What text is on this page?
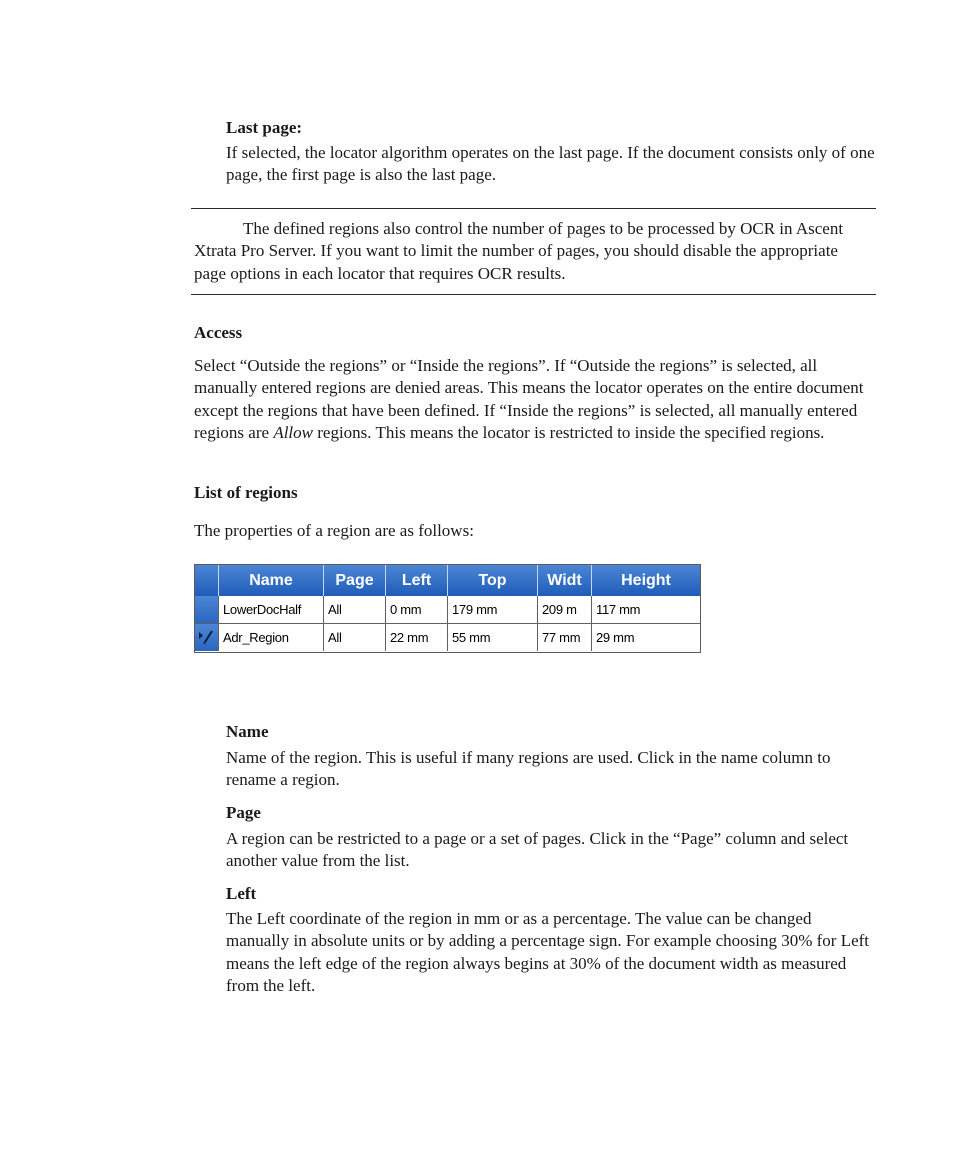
Last page:

If selected, the locator algorithm operates on the last page. If the document consists only of one page, the first page is also the last page.

The defined regions also control the number of pages to be processed by OCR in Ascent Xtrata Pro Server. If you want to limit the number of pages, you should disable the appropriate page options in each locator that requires OCR results.

Access

Select “Outside the regions” or “Inside the regions”. If “Outside the regions” is selected, all manually entered regions are denied areas. This means the locator operates on the entire document except the regions that have been defined. If “Inside the regions” is selected, all manually entered regions are Allow regions. This means the locator is restricted to inside the specified regions.

List of regions

The properties of a region are as follows:

Name	Page	Left	Top	Widt	Height
LowerDocHalf	All	0 mm	179 mm	209 m	117 mm
Adr_Region	All	22 mm	55 mm	77 mm	29 mm

Name

Name of the region. This is useful if many regions are used. Click in the name column to rename a region.

Page

A region can be restricted to a page or a set of pages. Click in the “Page” column and select another value from the list.

Left

The Left coordinate of the region in mm or as a percentage. The value can be changed manually in absolute units or by adding a percentage sign. For example choosing 30% for Left means the left edge of the region always begins at 30% of the document width as measured from the left.
